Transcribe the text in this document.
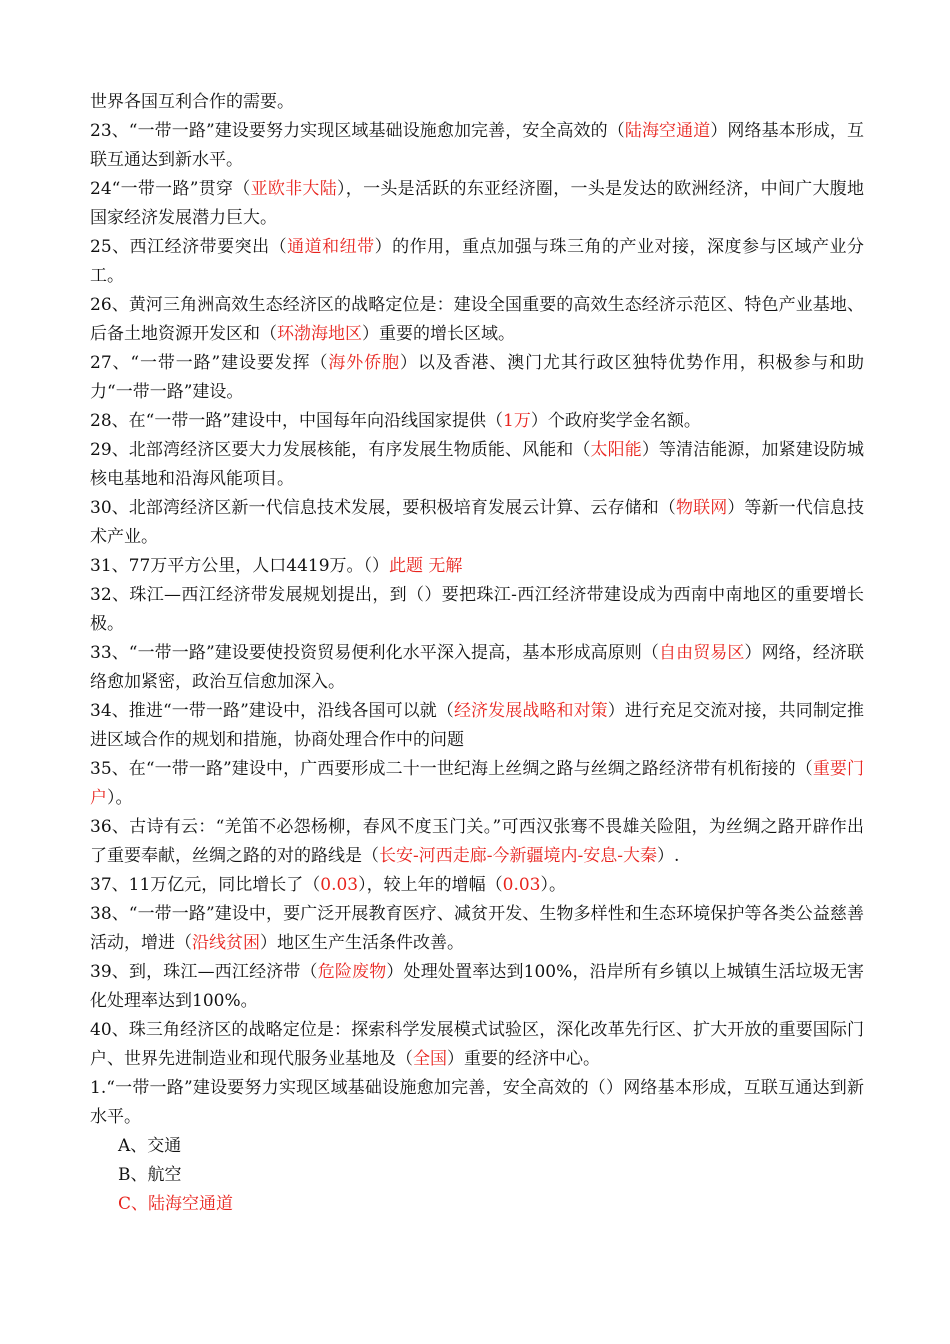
世界各国互利合作的需要。

23、“一带一路”建设要努力实现区域基础设施愈加完善，安全高效的（陆海空通道）网络基本形成，互联互通达到新水平。

24“一带一路”贯穿（亚欧非大陆），一头是活跃的东亚经济圈，一头是发达的欧洲经济，中间广大腹地国家经济发展潜力巨大。

25、西江经济带要突出（通道和纽带）的作用，重点加强与珠三角的产业对接，深度参与区域产业分工。

26、黄河三角洲高效生态经济区的战略定位是：建设全国重要的高效生态经济示范区、特色产业基地、后备土地资源开发区和（环渤海地区）重要的增长区域。

27、“一带一路”建设要发挥（海外侨胞）以及香港、澳门尤其行政区独特优势作用，积极参与和助力“一带一路”建设。

28、在“一带一路”建设中，中国每年向沿线国家提供（1万）个政府奖学金名额。

29、北部湾经济区要大力发展核能，有序发展生物质能、风能和（太阳能）等清洁能源，加紧建设防城核电基地和沿海风能项目。

30、北部湾经济区新一代信息技术发展，要积极培育发展云计算、云存储和（物联网）等新一代信息技术产业。

31、77万平方公里，人口4419万。（）此题 无解

32、珠江—西江经济带发展规划提出，到（）要把珠江-西江经济带建设成为西南中南地区的重要增长极。

33、“一带一路”建设要使投资贸易便利化水平深入提高，基本形成高原则（自由贸易区）网络，经济联络愈加紧密，政治互信愈加深入。

34、推进“一带一路”建设中，沿线各国可以就（经济发展战略和对策）进行充足交流对接，共同制定推进区域合作的规划和措施，协商处理合作中的问题

35、在“一带一路”建设中，广西要形成二十一世纪海上丝绸之路与丝绸之路经济带有机衔接的（重要门户）。

36、古诗有云：“羌笛不必怨杨柳，春风不度玉门关。”可西汉张骞不畏雄关险阻，为丝绸之路开辟作出了重要奉献，丝绸之路的对的路线是（长安-河西走廊-今新疆境内-安息-大秦）.

37、11万亿元，同比增长了（0.03），较上年的增幅（0.03）。

38、“一带一路”建设中，要广泛开展教育医疗、减贫开发、生物多样性和生态环境保护等各类公益慈善活动，增进（沿线贫困）地区生产生活条件改善。

39、到，珠江—西江经济带（危险废物）处理处置率达到100%，沿岸所有乡镇以上城镇生活垃圾无害化处理率达到100%。

40、珠三角经济区的战略定位是：探索科学发展模式试验区，深化改革先行区、扩大开放的重要国际门户、世界先进制造业和现代服务业基地及（全国）重要的经济中心。

1.“一带一路”建设要努力实现区域基础设施愈加完善，安全高效的（）网络基本形成，互联互通达到新水平。

A、交通

B、航空

C、陆海空通道
